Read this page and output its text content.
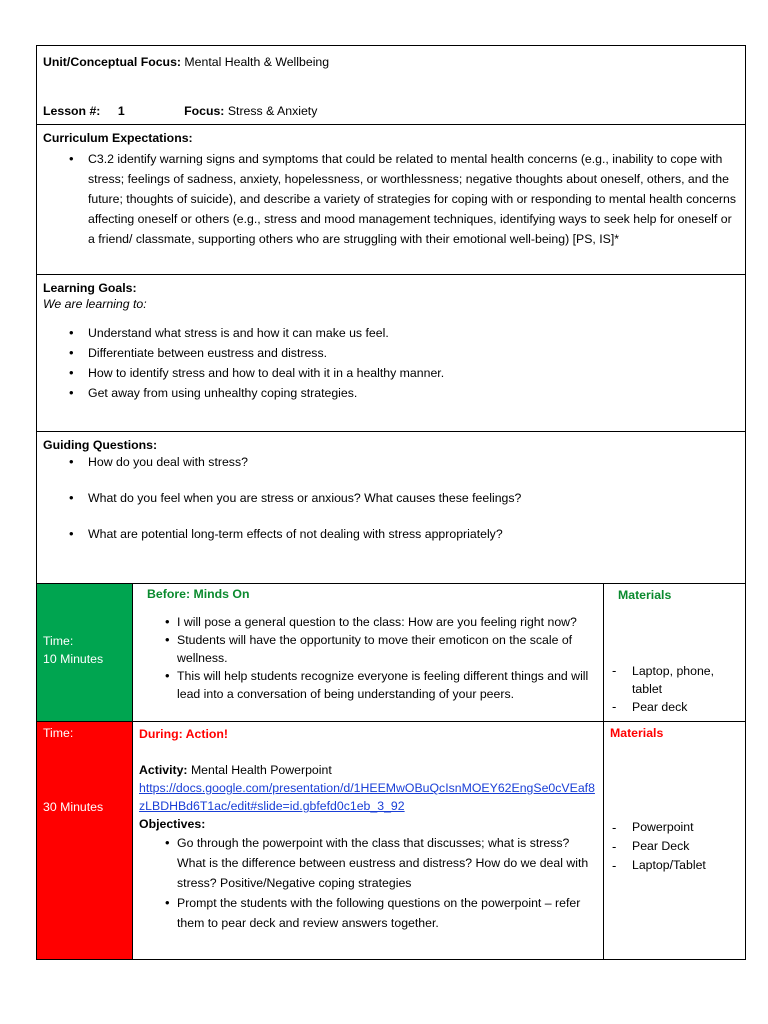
Unit/Conceptual Focus: Mental Health & Wellbeing
Lesson #: 1	Focus: Stress & Anxiety
Curriculum Expectations:
• C3.2 identify warning signs and symptoms that could be related to mental health concerns (e.g., inability to cope with stress; feelings of sadness, anxiety, hopelessness, or worthlessness; negative thoughts about oneself, others, and the future; thoughts of suicide), and describe a variety of strategies for coping with or responding to mental health concerns affecting oneself or others (e.g., stress and mood management techniques, identifying ways to seek help for oneself or a friend/ classmate, supporting others who are struggling with their emotional well-being) [PS, IS]*
Learning Goals:
We are learning to:
• Understand what stress is and how it can make us feel.
• Differentiate between eustress and distress.
• How to identify stress and how to deal with it in a healthy manner.
• Get away from using unhealthy coping strategies.
Guiding Questions:
• How do you deal with stress?
• What do you feel when you are stress or anxious? What causes these feelings?
• What are potential long-term effects of not dealing with stress appropriately?
Time:
10 Minutes
Before: Minds On
• I will pose a general question to the class: How are you feeling right now?
• Students will have the opportunity to move their emoticon on the scale of wellness.
• This will help students recognize everyone is feeling different things and will lead into a conversation of being understanding of your peers.
Materials
- Laptop, phone, tablet
- Pear deck
Time:
30 Minutes
During: Action!
Activity: Mental Health Powerpoint
https://docs.google.com/presentation/d/1HEEMwOBuQcIsnMOEY62EngSe0cVEaf8zLBDHBd6T1ac/edit#slide=id.gbfefd0c1eb_3_92
Objectives:
• Go through the powerpoint with the class that discusses; what is stress? What is the difference between eustress and distress? How do we deal with stress? Positive/Negative coping strategies
• Prompt the students with the following questions on the powerpoint – refer them to pear deck and review answers together.
Materials
- Powerpoint
- Pear Deck
- Laptop/Tablet
